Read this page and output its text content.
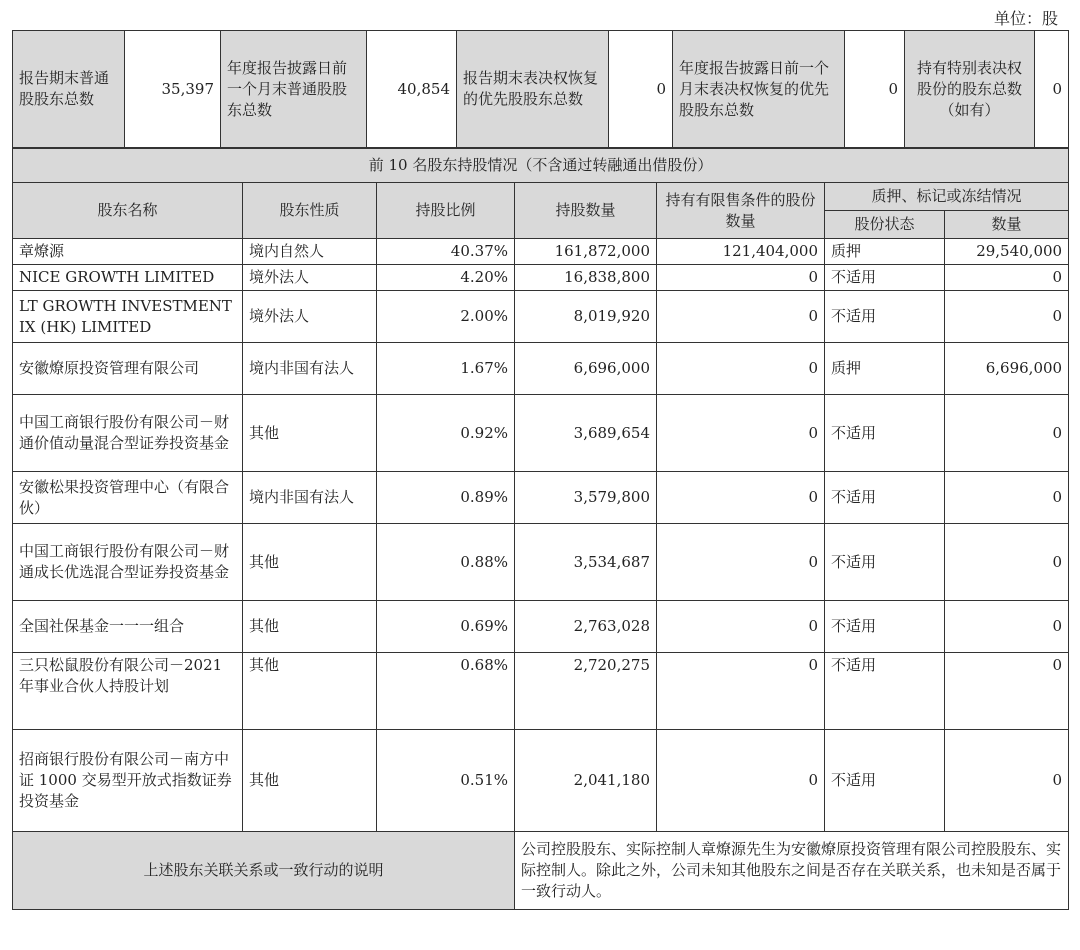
单位：股
报告期末普通股股东总数	35,397	年度报告披露日前一个月末普通股股东总数	40,854	报告期末表决权恢复的优先股股东总数	0	年度报告披露日前一个月末表决权恢复的优先股股东总数	0	持有特别表决权股份的股东总数（如有）	0
前 10 名股东持股情况（不含通过转融通出借股份）						
股东名称	股东性质	持股比例	持股数量	持有有限售条件的股份数量	质押、标记或冻结情况	
					股份状态	数量
章燎源	境内自然人	40.37%	161,872,000	121,404,000	质押	29,540,000
NICE GROWTH LIMITED	境外法人	4.20%	16,838,800	0	不适用	0
LT GROWTH INVESTMENT IX (HK) LIMITED	境外法人	2.00%	8,019,920	0	不适用	0
安徽燎原投资管理有限公司	境内非国有法人	1.67%	6,696,000	0	质押	6,696,000
中国工商银行股份有限公司－财通价值动量混合型证券投资基金	其他	0.92%	3,689,654	0	不适用	0
安徽松果投资管理中心（有限合伙）	境内非国有法人	0.89%	3,579,800	0	不适用	0
中国工商银行股份有限公司－财通成长优选混合型证券投资基金	其他	0.88%	3,534,687	0	不适用	0
全国社保基金一一一组合	其他	0.69%	2,763,028	0	不适用	0
三只松鼠股份有限公司－2021 年事业合伙人持股计划	其他	0.68%	2,720,275	0	不适用	0
招商银行股份有限公司－南方中证 1000 交易型开放式指数证券投资基金	其他	0.51%	2,041,180	0	不适用	0
上述股东关联关系或一致行动的说明			公司控股股东、实际控制人章燎源先生为安徽燎原投资管理有限公司控股股东、实际控制人。除此之外，公司未知其他股东之间是否存在关联关系，也未知是否属于一致行动人。			
